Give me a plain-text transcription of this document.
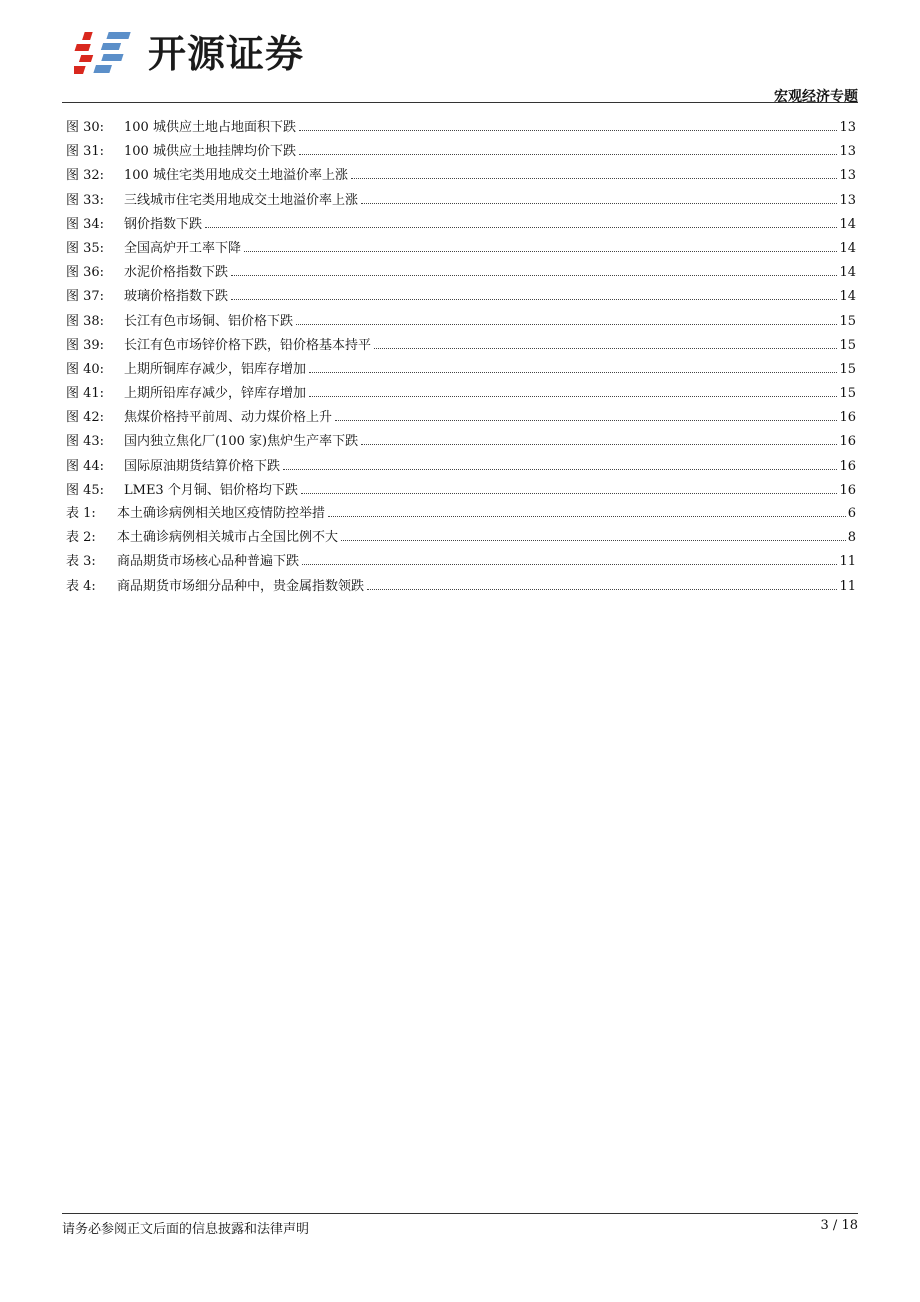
开源证券
宏观经济专题
图 30:	100 城供应土地占地面积下跌	13
图 31:	100 城供应土地挂牌均价下跌	13
图 32:	100 城住宅类用地成交土地溢价率上涨	13
图 33:	三线城市住宅类用地成交土地溢价率上涨	13
图 34:	钢价指数下跌	14
图 35:	全国高炉开工率下降	14
图 36:	水泥价格指数下跌	14
图 37:	玻璃价格指数下跌	14
图 38:	长江有色市场铜、铝价格下跌	15
图 39:	长江有色市场锌价格下跌，铅价格基本持平	15
图 40:	上期所铜库存减少，铝库存增加	15
图 41:	上期所铅库存减少，锌库存增加	15
图 42:	焦煤价格持平前周、动力煤价格上升	16
图 43:	国内独立焦化厂(100 家)焦炉生产率下跌	16
图 44:	国际原油期货结算价格下跌	16
图 45:	LME3 个月铜、铝价格均下跌	16
表 1:	本土确诊病例相关地区疫情防控举措	6
表 2:	本土确诊病例相关城市占全国比例不大	8
表 3:	商品期货市场核心品种普遍下跌	11
表 4:	商品期货市场细分品种中，贵金属指数领跌	11
请务必参阅正文后面的信息披露和法律声明	3 / 18
